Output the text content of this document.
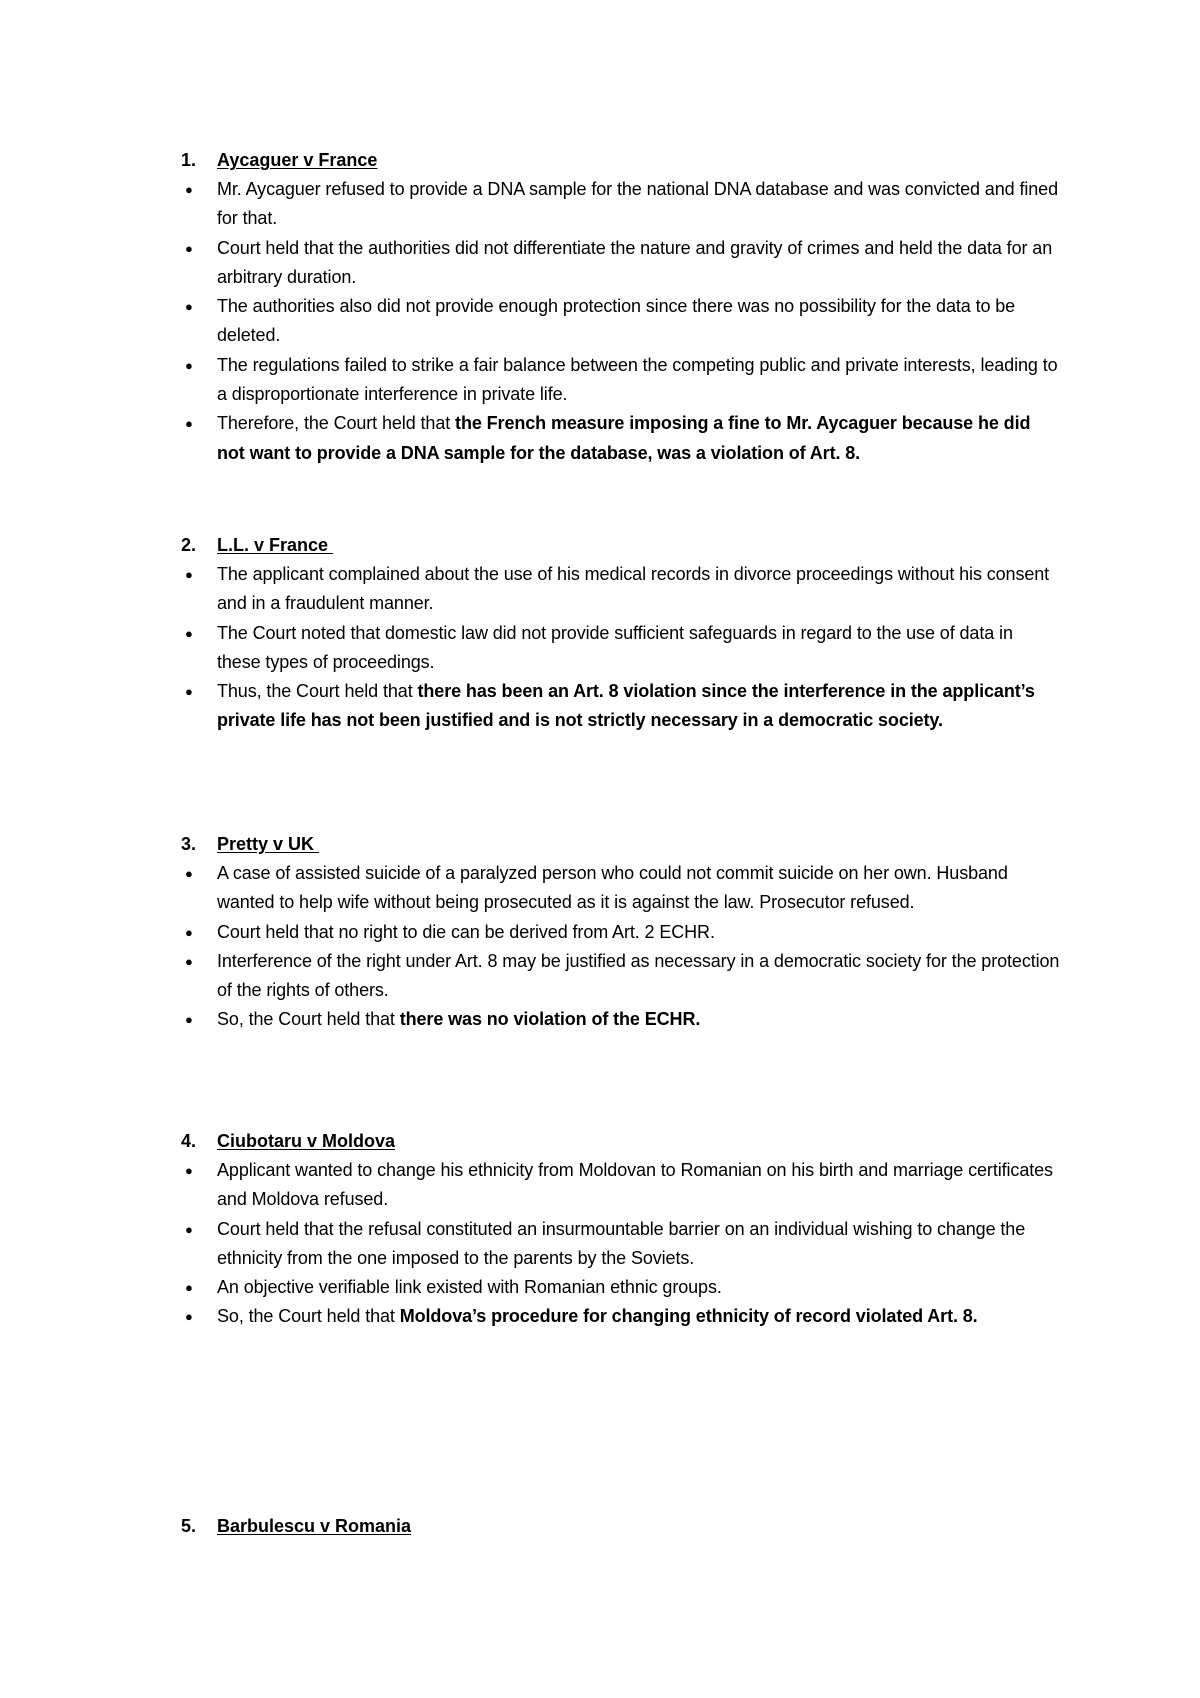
1.	Aycaguer v France
● Mr. Aycaguer refused to provide a DNA sample for the national DNA database and was convicted and fined for that.
● Court held that the authorities did not differentiate the nature and gravity of crimes and held the data for an arbitrary duration.
● The authorities also did not provide enough protection since there was no possibility for the data to be deleted.
● The regulations failed to strike a fair balance between the competing public and private interests, leading to a disproportionate interference in private life.
● Therefore, the Court held that the French measure imposing a fine to Mr. Aycaguer because he did not want to provide a DNA sample for the database, was a violation of Art. 8.
2.	L.L. v France
● The applicant complained about the use of his medical records in divorce proceedings without his consent and in a fraudulent manner.
● The Court noted that domestic law did not provide sufficient safeguards in regard to the use of data in these types of proceedings.
● Thus, the Court held that there has been an Art. 8 violation since the interference in the applicant’s private life has not been justified and is not strictly necessary in a democratic society.
3.	Pretty v UK
● A case of assisted suicide of a paralyzed person who could not commit suicide on her own. Husband wanted to help wife without being prosecuted as it is against the law. Prosecutor refused.
● Court held that no right to die can be derived from Art. 2 ECHR.
● Interference of the right under Art. 8 may be justified as necessary in a democratic society for the protection of the rights of others.
● So, the Court held that there was no violation of the ECHR.
4.	Ciubotaru v Moldova
● Applicant wanted to change his ethnicity from Moldovan to Romanian on his birth and marriage certificates and Moldova refused.
● Court held that the refusal constituted an insurmountable barrier on an individual wishing to change the ethnicity from the one imposed to the parents by the Soviets.
● An objective verifiable link existed with Romanian ethnic groups.
● So, the Court held that Moldova’s procedure for changing ethnicity of record violated Art. 8.
5.	Barbulescu v Romania
